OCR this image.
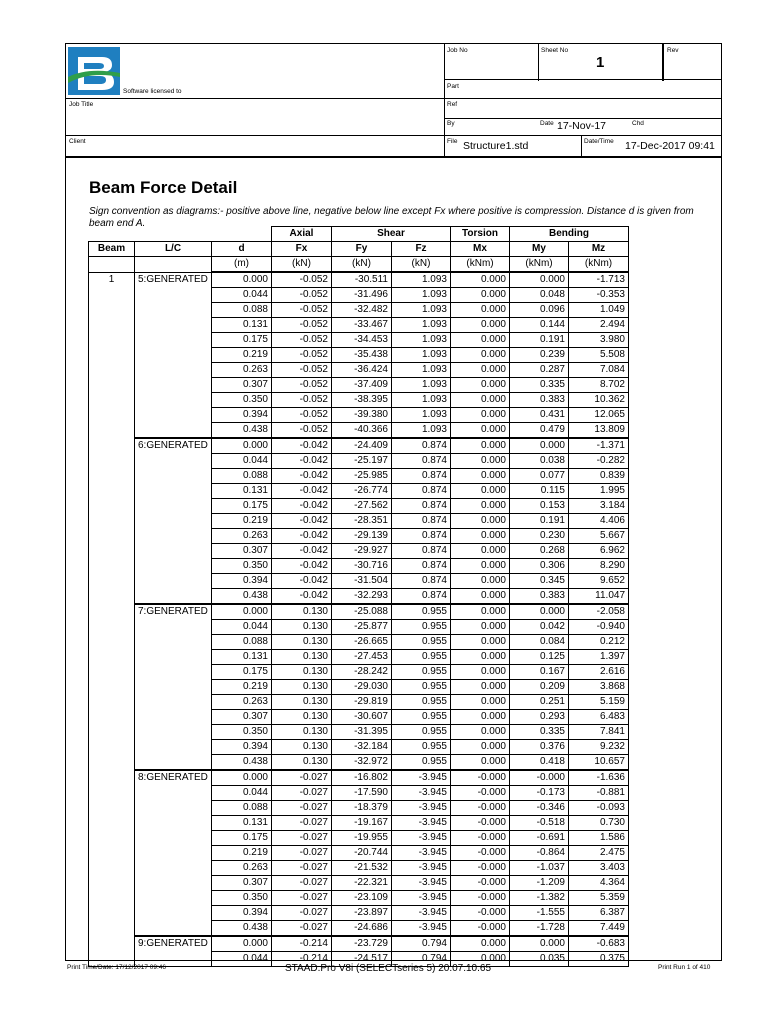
Software licensed to
Job No	Sheet No
1
Rev
Part
Job Title	Ref
By	Date 17-Nov-17	Chd
Client	File Structure1.std	Date/Time 17-Dec-2017 09:41
Beam Force Detail
Sign convention as diagrams:- positive above line, negative below line except Fx where positive is compression. Distance d is given from beam end A.
			Axial	Shear		Torsion	Bending	
Beam	L/C	d	Fx	Fy	Fz	Mx	My	Mz
		(m)	(kN)	(kN)	(kN)	(kNm)	(kNm)	(kNm)
1	5:GENERATED	0.000	-0.052	-30.511	1.093	0.000	0.000	-1.713
		0.044	-0.052	-31.496	1.093	0.000	0.048	-0.353
		0.088	-0.052	-32.482	1.093	0.000	0.096	1.049
		0.131	-0.052	-33.467	1.093	0.000	0.144	2.494
		0.175	-0.052	-34.453	1.093	0.000	0.191	3.980
		0.219	-0.052	-35.438	1.093	0.000	0.239	5.508
		0.263	-0.052	-36.424	1.093	0.000	0.287	7.084
		0.307	-0.052	-37.409	1.093	0.000	0.335	8.702
		0.350	-0.052	-38.395	1.093	0.000	0.383	10.362
		0.394	-0.052	-39.380	1.093	0.000	0.431	12.065
		0.438	-0.052	-40.366	1.093	0.000	0.479	13.809
	6:GENERATED	0.000	-0.042	-24.409	0.874	0.000	0.000	-1.371
		0.044	-0.042	-25.197	0.874	0.000	0.038	-0.282
		0.088	-0.042	-25.985	0.874	0.000	0.077	0.839
		0.131	-0.042	-26.774	0.874	0.000	0.115	1.995
		0.175	-0.042	-27.562	0.874	0.000	0.153	3.184
		0.219	-0.042	-28.351	0.874	0.000	0.191	4.406
		0.263	-0.042	-29.139	0.874	0.000	0.230	5.667
		0.307	-0.042	-29.927	0.874	0.000	0.268	6.962
		0.350	-0.042	-30.716	0.874	0.000	0.306	8.290
		0.394	-0.042	-31.504	0.874	0.000	0.345	9.652
		0.438	-0.042	-32.293	0.874	0.000	0.383	11.047
	7:GENERATED	0.000	0.130	-25.088	0.955	0.000	0.000	-2.058
		0.044	0.130	-25.877	0.955	0.000	0.042	-0.940
		0.088	0.130	-26.665	0.955	0.000	0.084	0.212
		0.131	0.130	-27.453	0.955	0.000	0.125	1.397
		0.175	0.130	-28.242	0.955	0.000	0.167	2.616
		0.219	0.130	-29.030	0.955	0.000	0.209	3.868
		0.263	0.130	-29.819	0.955	0.000	0.251	5.159
		0.307	0.130	-30.607	0.955	0.000	0.293	6.483
		0.350	0.130	-31.395	0.955	0.000	0.335	7.841
		0.394	0.130	-32.184	0.955	0.000	0.376	9.232
		0.438	0.130	-32.972	0.955	0.000	0.418	10.657
	8:GENERATED	0.000	-0.027	-16.802	-3.945	-0.000	-0.000	-1.636
		0.044	-0.027	-17.590	-3.945	-0.000	-0.173	-0.881
		0.088	-0.027	-18.379	-3.945	-0.000	-0.346	-0.093
		0.131	-0.027	-19.167	-3.945	-0.000	-0.518	0.730
		0.175	-0.027	-19.955	-3.945	-0.000	-0.691	1.586
		0.219	-0.027	-20.744	-3.945	-0.000	-0.864	2.475
		0.263	-0.027	-21.532	-3.945	-0.000	-1.037	3.403
		0.307	-0.027	-22.321	-3.945	-0.000	-1.209	4.364
		0.350	-0.027	-23.109	-3.945	-0.000	-1.382	5.359
		0.394	-0.027	-23.897	-3.945	-0.000	-1.555	6.387
		0.438	-0.027	-24.686	-3.945	-0.000	-1.728	7.449
	9:GENERATED	0.000	-0.214	-23.729	0.794	0.000	0.000	-0.683
		0.044	-0.214	-24.517	0.794	0.000	0.035	0.375
Print Time/Date: 17/12/2017 09:46	STAAD.Pro V8i (SELECTseries 5) 20.07.10.65	Print Run 1 of 410
